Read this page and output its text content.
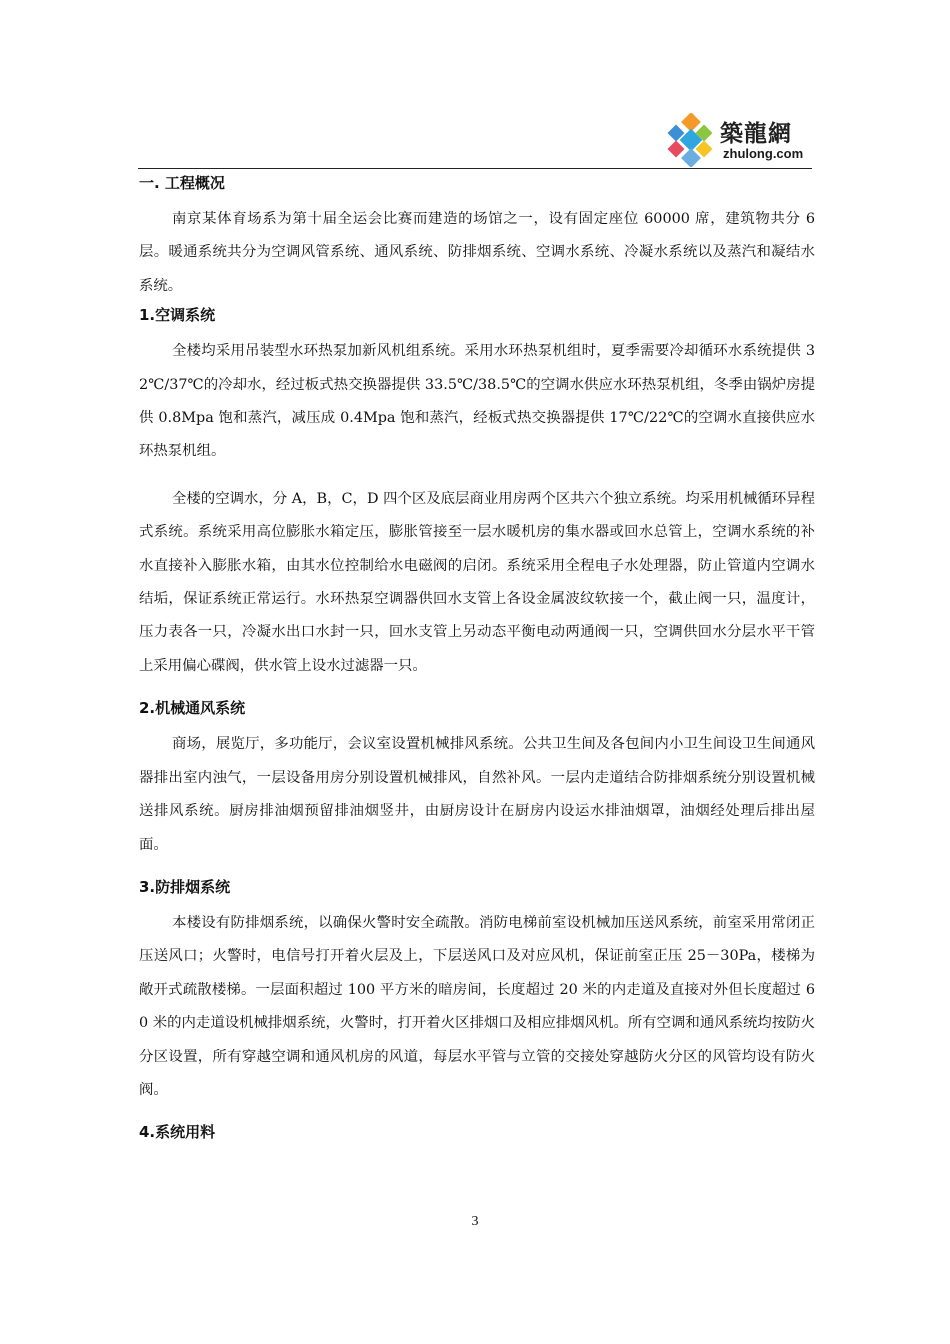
築龍網
zhulong.com
一. 工程概况

南京某体育场系为第十届全运会比赛而建造的场馆之一，设有固定座位 60000 席，建筑物共分 6 层。暖通系统共分为空调风管系统、通风系统、防排烟系统、空调水系统、冷凝水系统以及蒸汽和凝结水系统。

1.空调系统

全楼均采用吊装型水环热泵加新风机组系统。采用水环热泵机组时，夏季需要冷却循环水系统提供 32℃/37℃的冷却水，经过板式热交换器提供 33.5℃/38.5℃的空调水供应水环热泵机组，冬季由锅炉房提供 0.8Mpa 饱和蒸汽，减压成 0.4Mpa 饱和蒸汽，经板式热交换器提供 17℃/22℃的空调水直接供应水环热泵机组。

全楼的空调水，分 A，B，C，D 四个区及底层商业用房两个区共六个独立系统。均采用机械循环异程式系统。系统采用高位膨胀水箱定压，膨胀管接至一层水暖机房的集水器或回水总管上，空调水系统的补水直接补入膨胀水箱，由其水位控制给水电磁阀的启闭。系统采用全程电子水处理器，防止管道内空调水结垢，保证系统正常运行。水环热泵空调器供回水支管上各设金属波纹软接一个，截止阀一只，温度计，压力表各一只，冷凝水出口水封一只，回水支管上另动态平衡电动两通阀一只，空调供回水分层水平干管上采用偏心碟阀，供水管上设水过滤器一只。

2.机械通风系统

商场，展览厅，多功能厅，会议室设置机械排风系统。公共卫生间及各包间内小卫生间设卫生间通风器排出室内浊气，一层设备用房分别设置机械排风，自然补风。一层内走道结合防排烟系统分别设置机械送排风系统。厨房排油烟预留排油烟竖井，由厨房设计在厨房内设运水排油烟罩，油烟经处理后排出屋面。

3.防排烟系统

本楼设有防排烟系统，以确保火警时安全疏散。消防电梯前室设机械加压送风系统，前室采用常闭正压送风口；火警时，电信号打开着火层及上，下层送风口及对应风机，保证前室正压 25－30Pa，楼梯为敞开式疏散楼梯。一层面积超过 100 平方米的暗房间，长度超过 20 米的内走道及直接对外但长度超过 60 米的内走道设机械排烟系统，火警时，打开着火区排烟口及相应排烟风机。所有空调和通风系统均按防火分区设置，所有穿越空调和通风机房的风道，每层水平管与立管的交接处穿越防火分区的风管均设有防火阀。

4.系统用料
3
